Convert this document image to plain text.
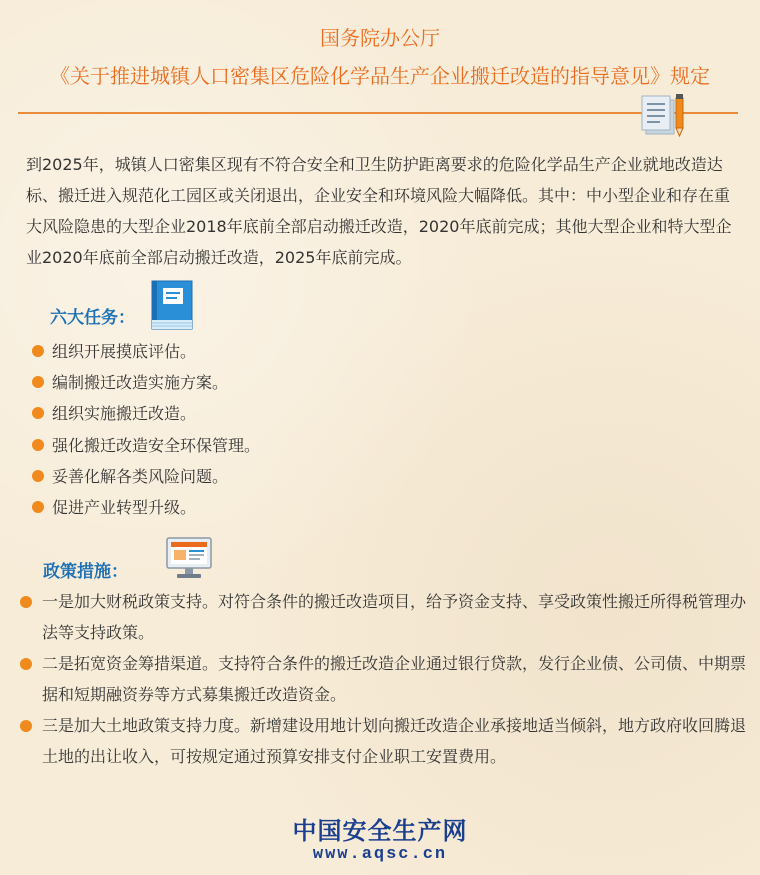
国务院办公厅
《关于推进城镇人口密集区危险化学品生产企业搬迁改造的指导意见》规定
到2025年，城镇人口密集区现有不符合安全和卫生防护距离要求的危险化学品生产企业就地改造达标、搬迁进入规范化工园区或关闭退出，企业安全和环境风险大幅降低。其中：中小型企业和存在重大风险隐患的大型企业2018年底前全部启动搬迁改造，2020年底前完成；其他大型企业和特大型企业2020年底前全部启动搬迁改造，2025年底前完成。
六大任务：
组织开展摸底评估。
编制搬迁改造实施方案。
组织实施搬迁改造。
强化搬迁改造安全环保管理。
妥善化解各类风险问题。
促进产业转型升级。
政策措施：
一是加大财税政策支持。对符合条件的搬迁改造项目，给予资金支持、享受政策性搬迁所得税管理办法等支持政策。
二是拓宽资金筹措渠道。支持符合条件的搬迁改造企业通过银行贷款，发行企业债、公司债、中期票据和短期融资券等方式募集搬迁改造资金。
三是加大土地政策支持力度。新增建设用地计划向搬迁改造企业承接地适当倾斜，地方政府收回腾退土地的出让收入，可按规定通过预算安排支付企业职工安置费用。
中国安全生产网
www.aqsc.cn
